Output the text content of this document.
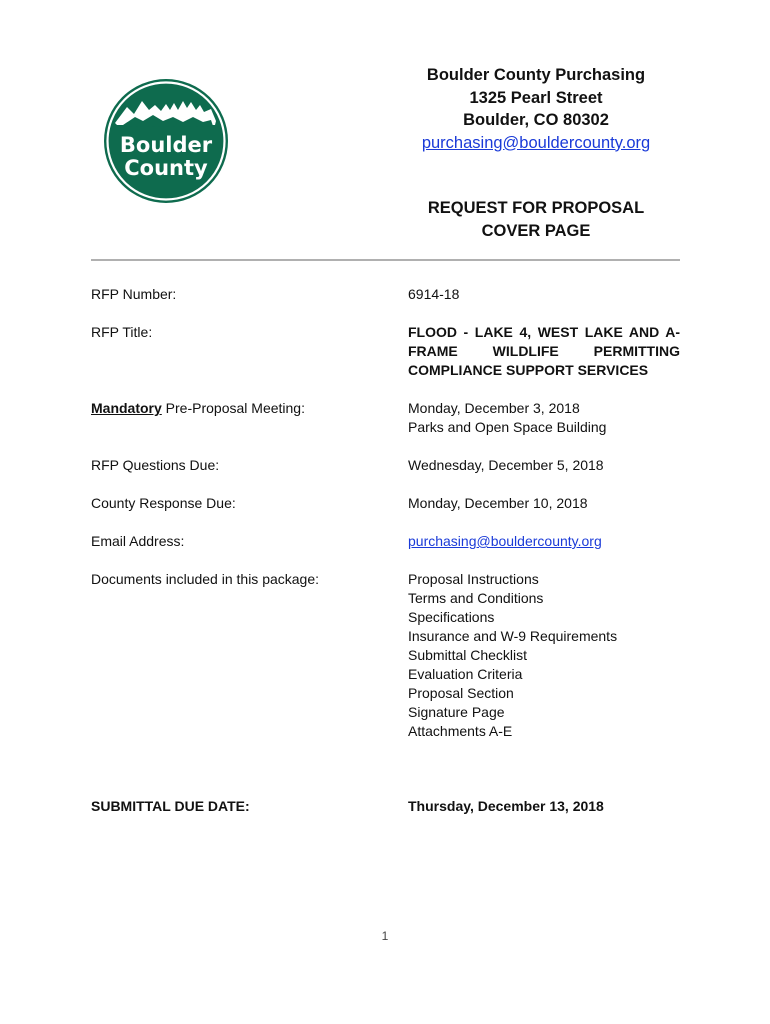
Boulder
County
Boulder County Purchasing
1325 Pearl Street
Boulder, CO 80302
purchasing@bouldercounty.org
REQUEST FOR PROPOSAL
COVER PAGE
RFP Number:	6914-18
RFP Title:	FLOOD - LAKE 4, WEST LAKE AND A-FRAME WILDLIFE PERMITTING COMPLIANCE SUPPORT SERVICES
Mandatory Pre-Proposal Meeting:	Monday, December 3, 2018
Parks and Open Space Building
RFP Questions Due:	Wednesday, December 5, 2018
County Response Due:	Monday, December 10, 2018
Email Address:	purchasing@bouldercounty.org
Documents included in this package:	Proposal Instructions
Terms and Conditions
Specifications
Insurance and W-9 Requirements
Submittal Checklist
Evaluation Criteria
Proposal Section
Signature Page
Attachments A-E
SUBMITTAL DUE DATE:	Thursday, December 13, 2018
1
